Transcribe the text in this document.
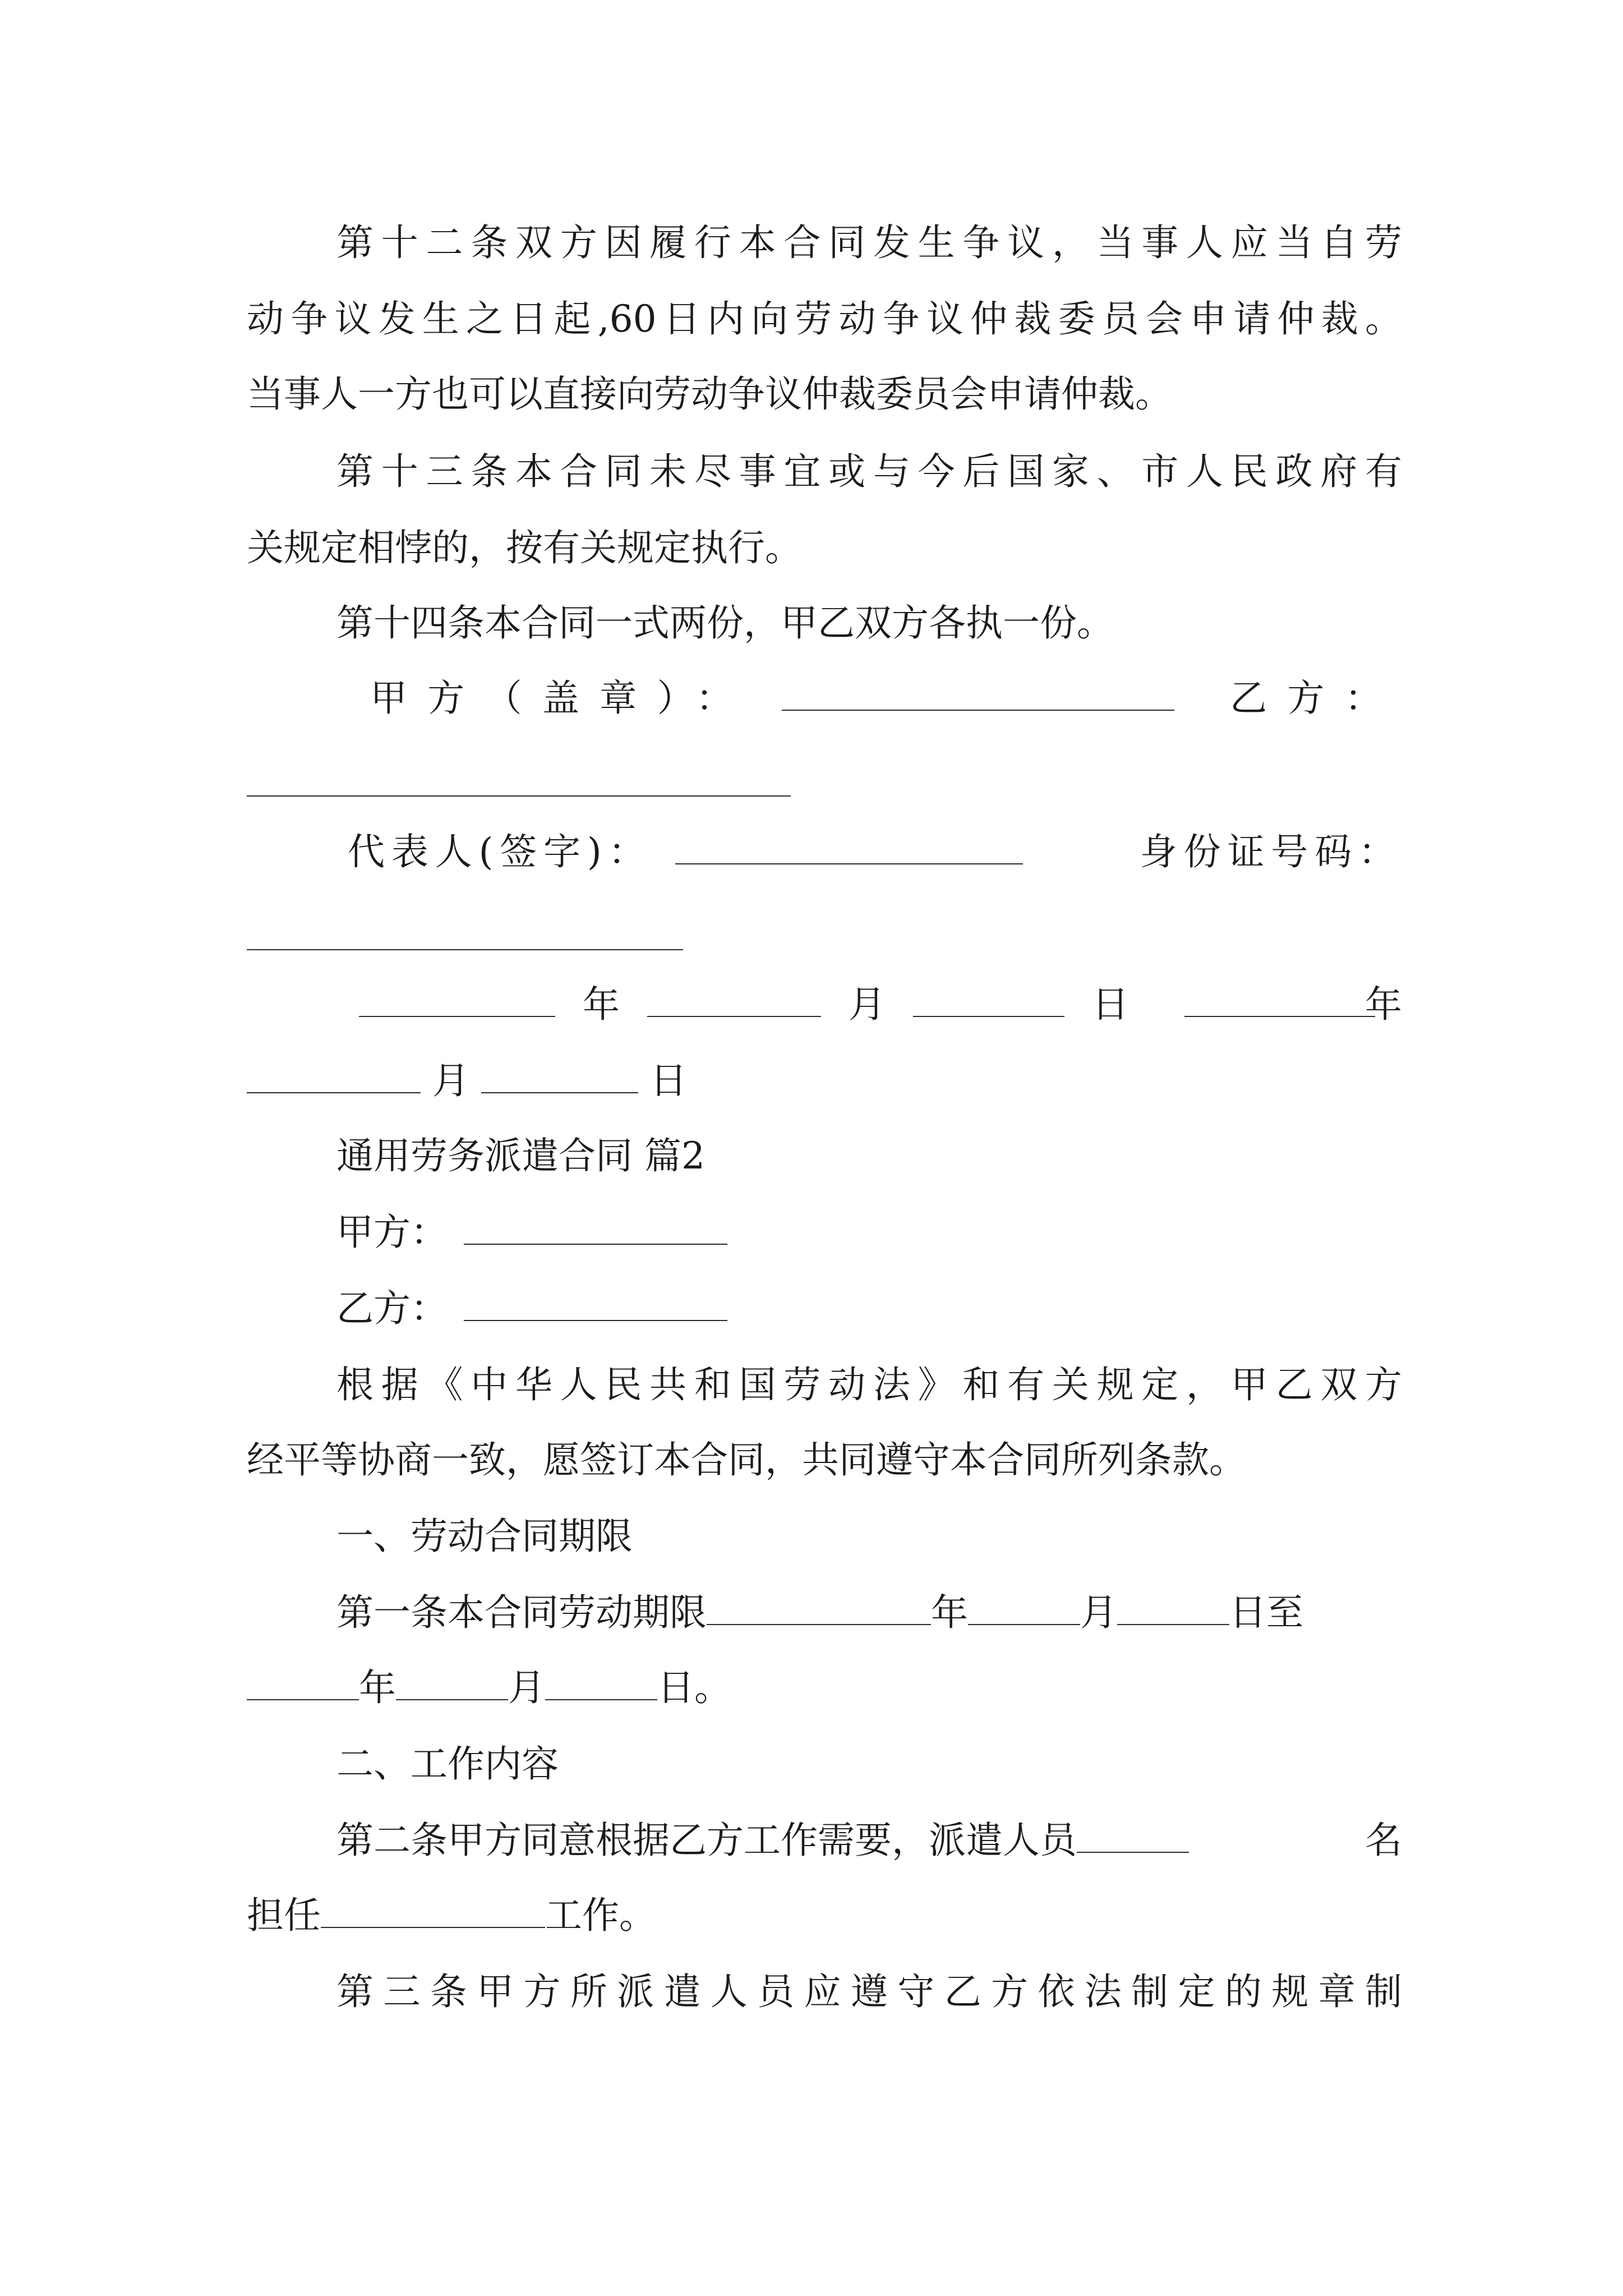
第十二条双方因履行本合同发生争议，当事人应当自劳
动争议发生之日起,60日内向劳动争议仲裁委员会申请仲裁。
当事人一方也可以直接向劳动争议仲裁委员会申请仲裁。
第十三条本合同未尽事宜或与今后国家、市人民政府有
关规定相悖的，按有关规定执行。
第十四条本合同一式两份，甲乙双方各执一份。
甲方（盖章）：	乙方：
代表人(签字)：	身份证号码：
年	月	日	年
月	日
通用劳务派遣合同 篇2
甲方：
乙方：
根据《中华人民共和国劳动法》和有关规定，甲乙双方
经平等协商一致，愿签订本合同，共同遵守本合同所列条款。
一、劳动合同期限
第一条本合同劳动期限	年	月	日至
年	月	日。
二、工作内容
第二条甲方同意根据乙方工作需要，派遣人员	名
担任	工作。
第三条甲方所派遣人员应遵守乙方依法制定的规章制
